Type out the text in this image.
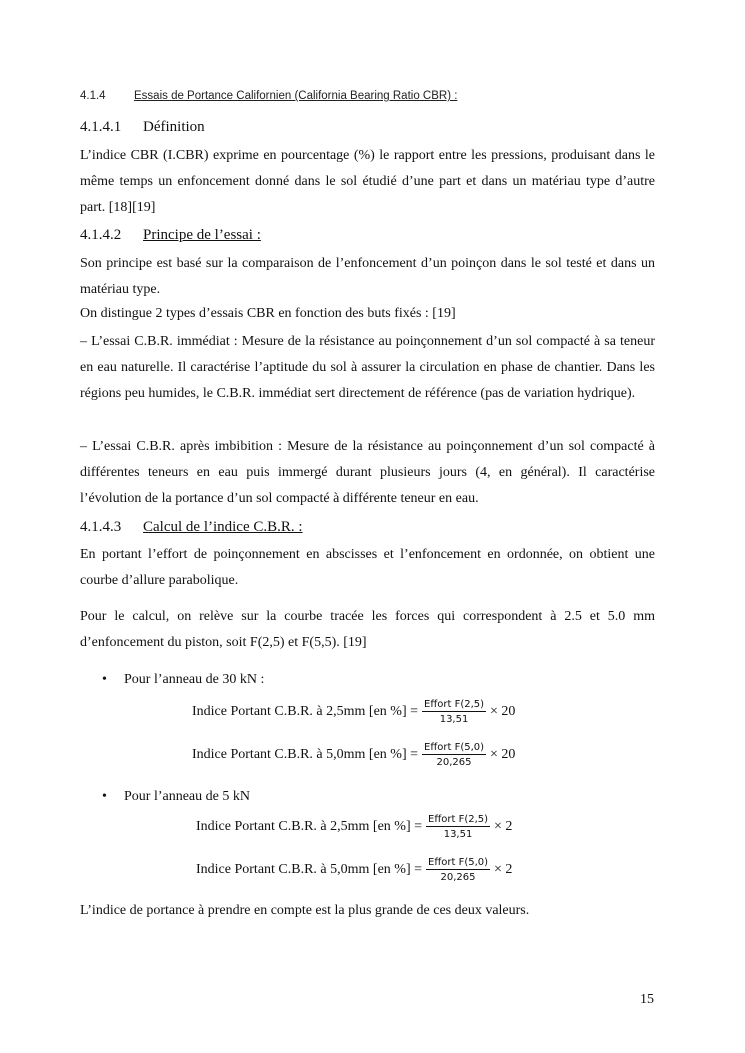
4.1.4 Essais de Portance Californien (California Bearing Ratio CBR) :
4.1.4.1 Définition

L’indice CBR (I.CBR) exprime en pourcentage (%) le rapport entre les pressions, produisant dans le même temps un enfoncement donné dans le sol étudié d’une part et dans un matériau type d’autre part. [18][19]

4.1.4.2 Principe de l’essai :

Son principe est basé sur la comparaison de l’enfoncement d’un poinçon dans le sol testé et dans un matériau type.

On distingue 2 types d’essais CBR en fonction des buts fixés : [19]

– L’essai C.B.R. immédiat : Mesure de la résistance au poinçonnement d’un sol compacté à sa teneur en eau naturelle. Il caractérise l’aptitude du sol à assurer la circulation en phase de chantier. Dans les régions peu humides, le C.B.R. immédiat sert directement de référence (pas de variation hydrique).

– L’essai C.B.R. après imbibition : Mesure de la résistance au poinçonnement d’un sol compacté à différentes teneurs en eau puis immergé durant plusieurs jours (4, en général). Il caractérise l’évolution de la portance d’un sol compacté à différente teneur en eau.

4.1.4.3 Calcul de l’indice C.B.R. :

En portant l’effort de poinçonnement en abscisses et l’enfoncement en ordonnée, on obtient une courbe d’allure parabolique.

Pour le calcul, on relève sur la courbe tracée les forces qui correspondent à 2.5 et 5.0 mm d’enfoncement du piston, soit F(2,5) et F(5,5). [19]

• Pour l’anneau de 30 kN :
Indice Portant C.B.R. à 2,5mm [en %] = $\frac{\text{Effort F(2,5)}}{13,51} \times 20$
Indice Portant C.B.R. à 5,0mm [en %] = $\frac{\text{Effort F(5,0)}}{20,265} \times 20$
• Pour l’anneau de 5 kN
Indice Portant C.B.R. à 2,5mm [en %] = $\frac{\text{Effort F(2,5)}}{13,51} \times 2$
Indice Portant C.B.R. à 5,0mm [en %] = $\frac{\text{Effort F(5,0)}}{20,265} \times 2$
L’indice de portance à prendre en compte est la plus grande de ces deux valeurs.
15
